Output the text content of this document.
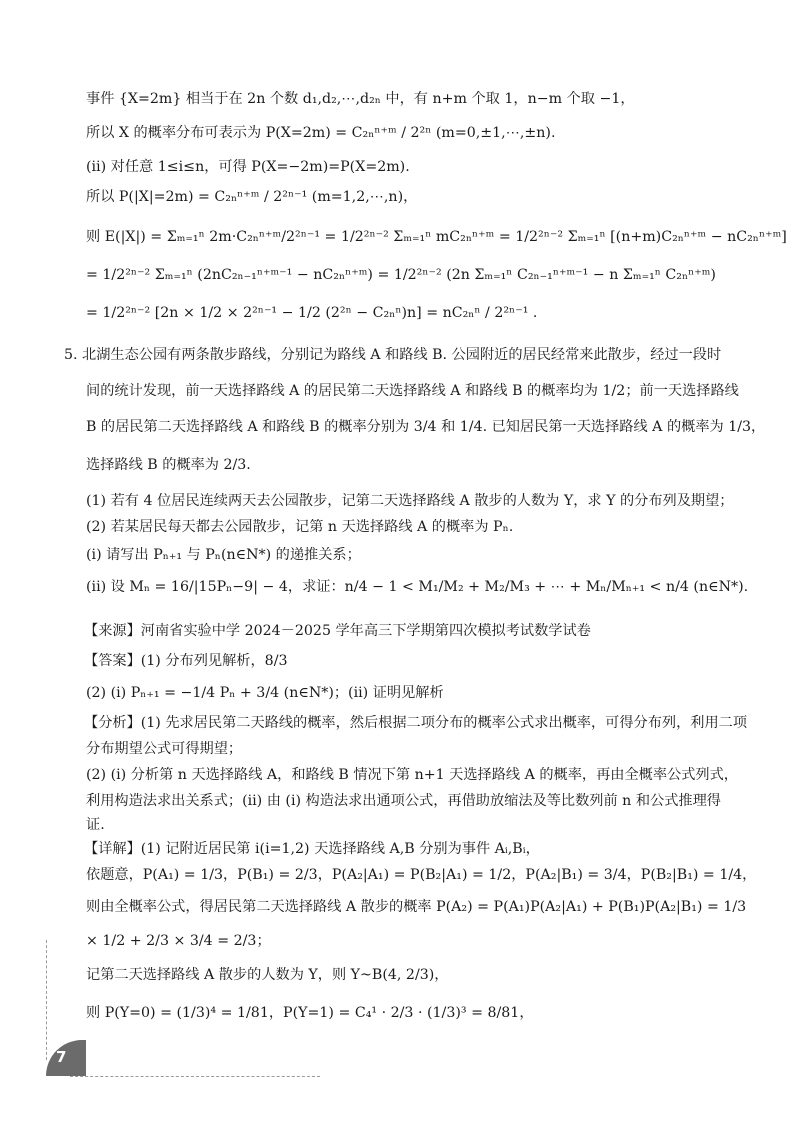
事件 {X=2m} 相当于在 2n 个数 d₁,d₂,⋯,d₂ₙ 中，有 n+m 个取 1，n−m 个取 −1，
所以 X 的概率分布可表示为 P(X=2m) = C₂ₙⁿ⁺ᵐ / 2²ⁿ (m=0,±1,⋯,±n).
(ⅱ) 对任意 1≤i≤n，可得 P(X=−2m)=P(X=2m).
所以 P(|X|=2m) = C₂ₙⁿ⁺ᵐ / 2²ⁿ⁻¹ (m=1,2,⋯,n)，
则 E(|X|) = Σₘ₌₁ⁿ 2m·C₂ₙⁿ⁺ᵐ/2²ⁿ⁻¹ = 1/2²ⁿ⁻² Σₘ₌₁ⁿ mC₂ₙⁿ⁺ᵐ = 1/2²ⁿ⁻² Σₘ₌₁ⁿ [(n+m)C₂ₙⁿ⁺ᵐ − nC₂ₙⁿ⁺ᵐ]
= 1/2²ⁿ⁻² Σₘ₌₁ⁿ (2nC₂ₙ₋₁ⁿ⁺ᵐ⁻¹ − nC₂ₙⁿ⁺ᵐ) = 1/2²ⁿ⁻² (2n Σₘ₌₁ⁿ C₂ₙ₋₁ⁿ⁺ᵐ⁻¹ − n Σₘ₌₁ⁿ C₂ₙⁿ⁺ᵐ)
= 1/2²ⁿ⁻² [2n × 1/2 × 2²ⁿ⁻¹ − 1/2 (2²ⁿ − C₂ₙⁿ)n] = nC₂ₙⁿ / 2²ⁿ⁻¹ .
5. 北湖生态公园有两条散步路线，分别记为路线 A 和路线 B. 公园附近的居民经常来此散步，经过一段时
间的统计发现，前一天选择路线 A 的居民第二天选择路线 A 和路线 B 的概率均为 1/2；前一天选择路线
B 的居民第二天选择路线 A 和路线 B 的概率分别为 3/4 和 1/4. 已知居民第一天选择路线 A 的概率为 1/3，
选择路线 B 的概率为 2/3.
(1) 若有 4 位居民连续两天去公园散步，记第二天选择路线 A 散步的人数为 Y，求 Y 的分布列及期望；
(2) 若某居民每天都去公园散步，记第 n 天选择路线 A 的概率为 Pₙ.
(i) 请写出 Pₙ₊₁ 与 Pₙ(n∈N*) 的递推关系；
(ii) 设 Mₙ = 16/|15Pₙ−9| − 4，求证：n/4 − 1 < M₁/M₂ + M₂/M₃ + ⋯ + Mₙ/Mₙ₊₁ < n/4 (n∈N*).
【来源】河南省实验中学 2024－2025 学年高三下学期第四次模拟考试数学试卷
【答案】(1) 分布列见解析，8/3
(2) (i) Pₙ₊₁ = −1/4 Pₙ + 3/4 (n∈N*)；(ii) 证明见解析
【分析】(1) 先求居民第二天路线的概率，然后根据二项分布的概率公式求出概率，可得分布列，利用二项
分布期望公式可得期望；
(2) (ⅰ) 分析第 n 天选择路线 A，和路线 B 情况下第 n+1 天选择路线 A 的概率，再由全概率公式列式，
利用构造法求出关系式；(ⅱ) 由 (ⅰ) 构造法求出通项公式，再借助放缩法及等比数列前 n 和公式推理得
证.
【详解】(1) 记附近居民第 i(i=1,2) 天选择路线 A,B 分别为事件 Aᵢ,Bᵢ，
依题意，P(A₁) = 1/3，P(B₁) = 2/3，P(A₂|A₁) = P(B₂|A₁) = 1/2，P(A₂|B₁) = 3/4，P(B₂|B₁) = 1/4，
则由全概率公式，得居民第二天选择路线 A 散步的概率 P(A₂) = P(A₁)P(A₂|A₁) + P(B₁)P(A₂|B₁) = 1/3
× 1/2 + 2/3 × 3/4 = 2/3；
记第二天选择路线 A 散步的人数为 Y，则 Y~B(4, 2/3)，
则 P(Y=0) = (1/3)⁴ = 1/81，P(Y=1) = C₄¹ · 2/3 · (1/3)³ = 8/81，
7
